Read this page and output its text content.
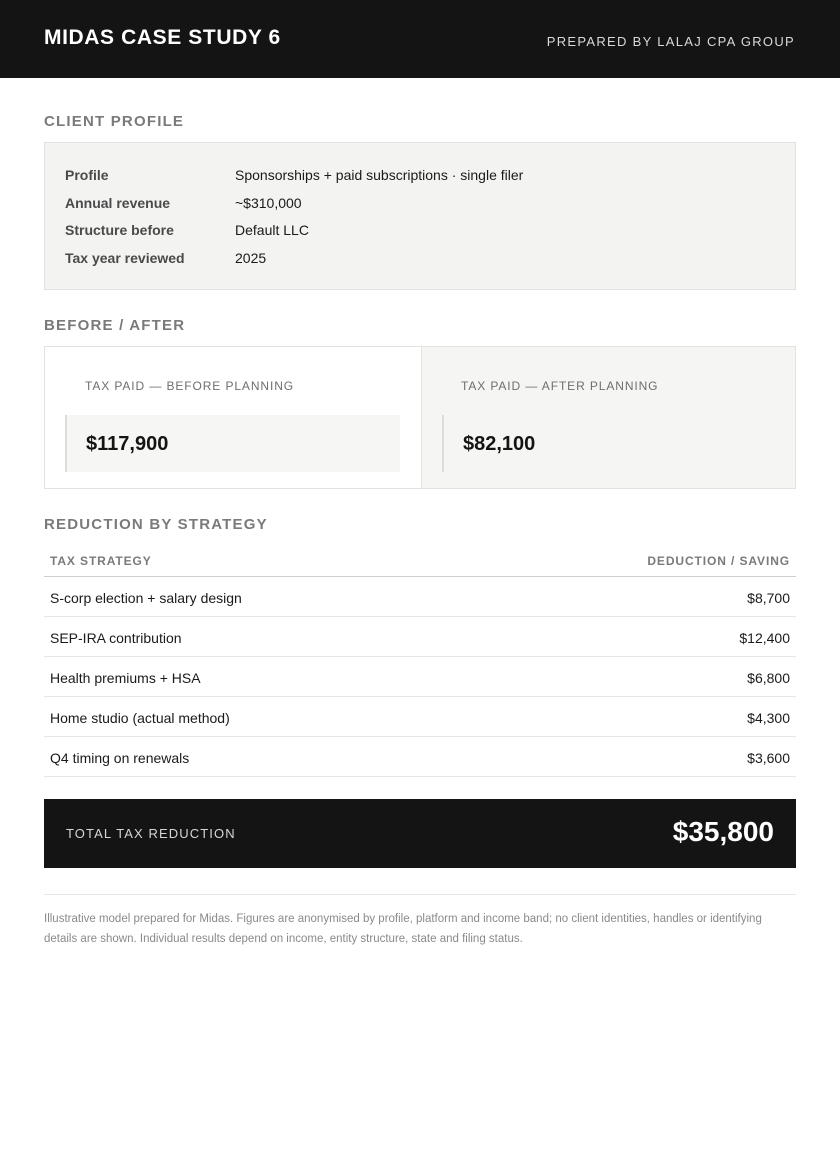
MIDAS CASE STUDY 6	PREPARED BY LALAJ CPA GROUP
CLIENT PROFILE
Profile	Sponsorships + paid subscriptions · single filer
Annual revenue	~$310,000
Structure before	Default LLC
Tax year reviewed	2025
BEFORE / AFTER
TAX PAID — BEFORE PLANNING
$117,900
TAX PAID — AFTER PLANNING
$82,100
REDUCTION BY STRATEGY
TAX STRATEGY	DEDUCTION / SAVING
S-corp election + salary design	$8,700
SEP-IRA contribution	$12,400
Health premiums + HSA	$6,800
Home studio (actual method)	$4,300
Q4 timing on renewals	$3,600
TOTAL TAX REDUCTION	$35,800
Illustrative model prepared for Midas. Figures are anonymised by profile, platform and income band; no client identities, handles or identifying details are shown. Individual results depend on income, entity structure, state and filing status.
